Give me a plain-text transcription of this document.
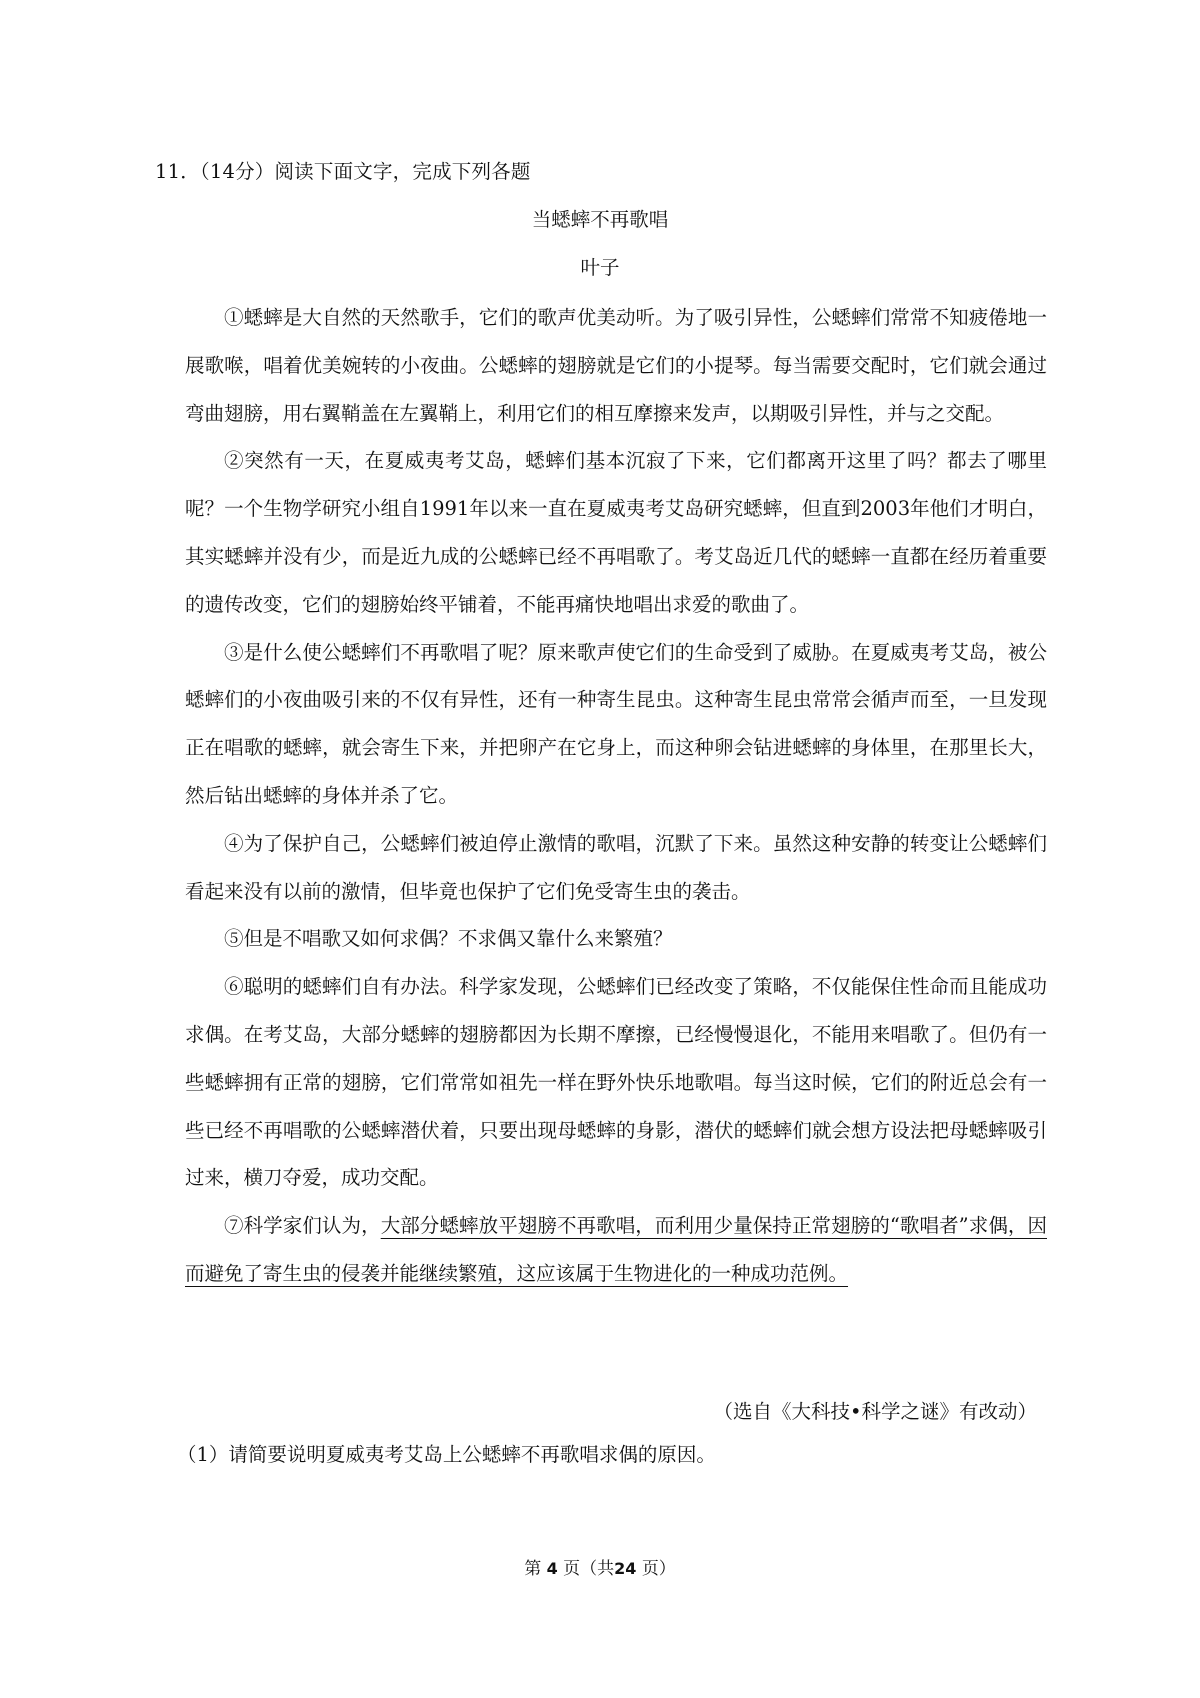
11．（14分）阅读下面文字，完成下列各题
当蟋蟀不再歌唱
叶子

①蟋蟀是大自然的天然歌手，它们的歌声优美动听。为了吸引异性，公蟋蟀们常常不知疲倦地一展歌喉，唱着优美婉转的小夜曲。公蟋蟀的翅膀就是它们的小提琴。每当需要交配时，它们就会通过弯曲翅膀，用右翼鞘盖在左翼鞘上，利用它们的相互摩擦来发声，以期吸引异性，并与之交配。

②突然有一天，在夏威夷考艾岛，蟋蟀们基本沉寂了下来，它们都离开这里了吗？都去了哪里呢？一个生物学研究小组自1991年以来一直在夏威夷考艾岛研究蟋蟀，但直到2003年他们才明白，其实蟋蟀并没有少，而是近九成的公蟋蟀已经不再唱歌了。考艾岛近几代的蟋蟀一直都在经历着重要的遗传改变，它们的翅膀始终平铺着，不能再痛快地唱出求爱的歌曲了。

③是什么使公蟋蟀们不再歌唱了呢？原来歌声使它们的生命受到了威胁。在夏威夷考艾岛，被公蟋蟀们的小夜曲吸引来的不仅有异性，还有一种寄生昆虫。这种寄生昆虫常常会循声而至，一旦发现正在唱歌的蟋蟀，就会寄生下来，并把卵产在它身上，而这种卵会钻进蟋蟀的身体里，在那里长大，然后钻出蟋蟀的身体并杀了它。

④为了保护自己，公蟋蟀们被迫停止激情的歌唱，沉默了下来。虽然这种安静的转变让公蟋蟀们看起来没有以前的激情，但毕竟也保护了它们免受寄生虫的袭击。

⑤但是不唱歌又如何求偶？不求偶又靠什么来繁殖？

⑥聪明的蟋蟀们自有办法。科学家发现，公蟋蟀们已经改变了策略，不仅能保住性命而且能成功求偶。在考艾岛，大部分蟋蟀的翅膀都因为长期不摩擦，已经慢慢退化，不能用来唱歌了。但仍有一些蟋蟀拥有正常的翅膀，它们常常如祖先一样在野外快乐地歌唱。每当这时候，它们的附近总会有一些已经不再唱歌的公蟋蟀潜伏着，只要出现母蟋蟀的身影，潜伏的蟋蟀们就会想方设法把母蟋蟀吸引过来，横刀夺爱，成功交配。

⑦科学家们认为，大部分蟋蟀放平翅膀不再歌唱，而利用少量保持正常翅膀的“歌唱者”求偶，因而避免了寄生虫的侵袭并能继续繁殖，这应该属于生物进化的一种成功范例。

（选自《大科技•科学之谜》有改动）
（1）请简要说明夏威夷考艾岛上公蟋蟀不再歌唱求偶的原因。
第 4 页（共24 页）
